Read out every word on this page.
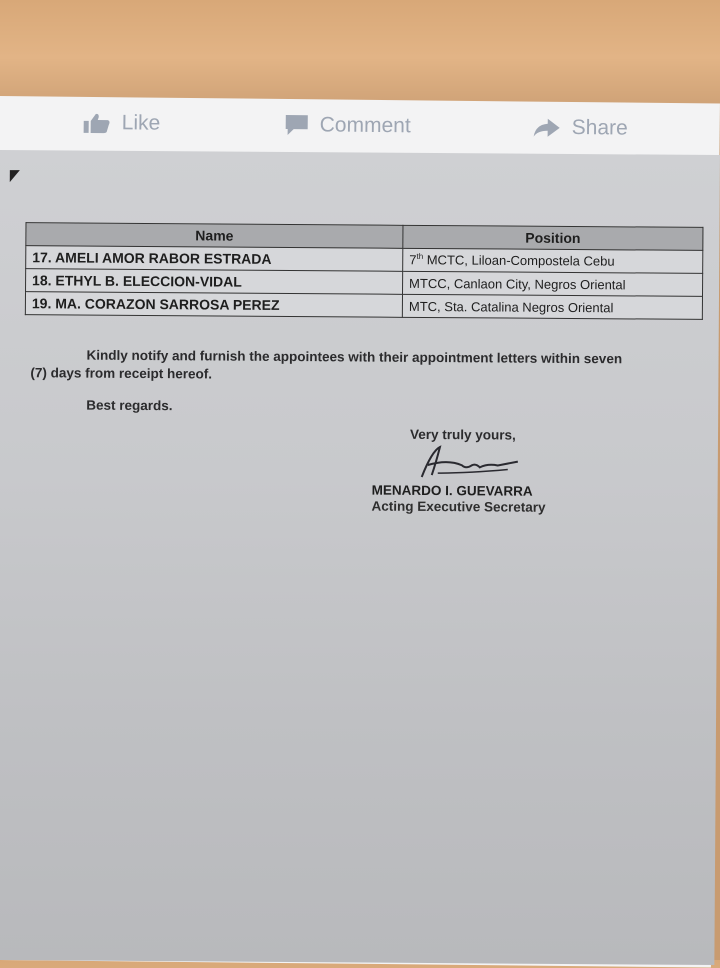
Like	Comment	Share
Name	Position
17. AMELI AMOR RABOR ESTRADA	7th MCTC, Liloan-Compostela Cebu
18. ETHYL B. ELECCION-VIDAL	MTCC, Canlaon City, Negros Oriental
19. MA. CORAZON SARROSA PEREZ	MTC, Sta. Catalina Negros Oriental
Kindly notify and furnish the appointees with their appointment letters within seven
(7) days from receipt hereof.
Best regards.
Very truly yours,
MENARDO I. GUEVARRA
Acting Executive Secretary
